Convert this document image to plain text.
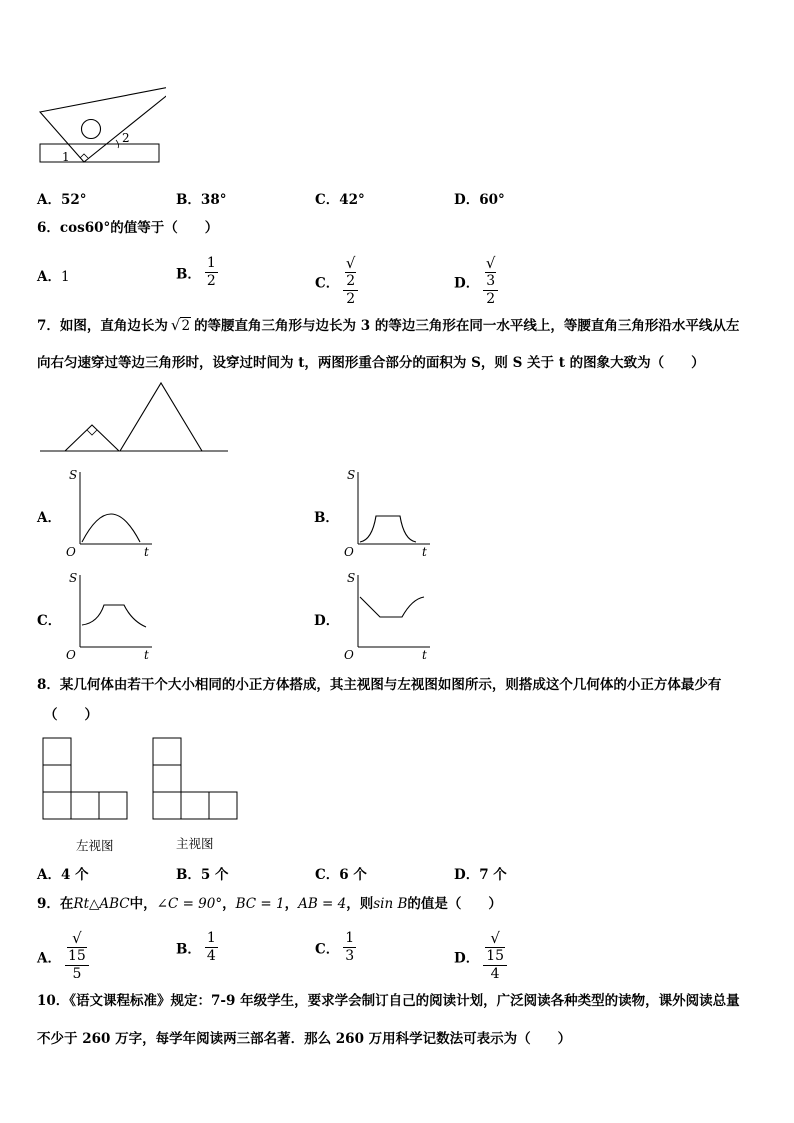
1
2
A．52°	B．38°	C．42°	D．60°
6．cos60°的值等于（　　）
A．1	B． $\frac{1}{2}$	C． √
2
2	D． √
3
2
7．如图，直角边长为 √2 的等腰直角三角形与边长为 3 的等边三角形在同一水平线上，等腰直角三角形沿水平线从左
向右匀速穿过等边三角形时，设穿过时间为 t，两图形重合部分的面积为 S，则 S 关于 t 的图象大致为（　　）
A．	B．
C．	D．
S
t
O
S
t
O
S
t
O
S
t
O
8．某几何体由若干个大小相同的小正方体搭成，其主视图与左视图如图所示，则搭成这个几何体的小正方体最少有
（　　）
左视图	主视图
A．4 个	B．5 个	C．6 个	D．7 个
9．在Rt△ABC中，∠C = 90°，BC = 1，AB = 4，则sin B的值是（　　）
A． √
15
5	B． $\frac{1}{4}$	C． $\frac{1}{3}$	D． √
15
4
10．《语文课程标准》规定：7-9 年级学生，要求学会制订自己的阅读计划，广泛阅读各种类型的读物，课外阅读总量
不少于 260 万字，每学年阅读两三部名著．那么 260 万用科学记数法可表示为（　　）
